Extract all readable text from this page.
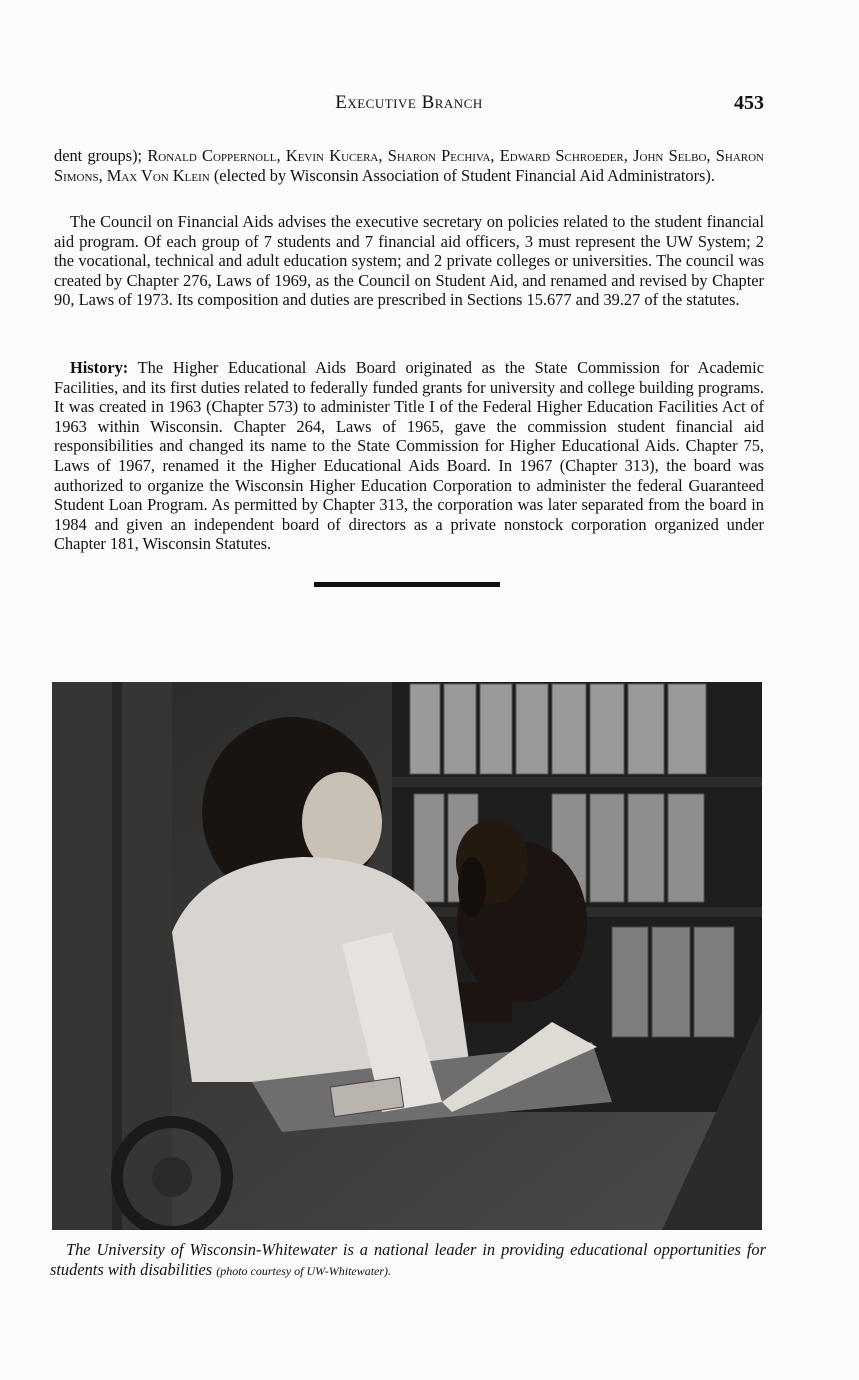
Executive Branch	453
dent groups); Ronald Coppernoll, Kevin Kucera, Sharon Pechiva, Edward Schroeder, John Selbo, Sharon Simons, Max Von Klein (elected by Wisconsin Association of Student Financial Aid Administrators).
The Council on Financial Aids advises the executive secretary on policies related to the student financial aid program. Of each group of 7 students and 7 financial aid officers, 3 must represent the UW System; 2 the vocational, technical and adult education system; and 2 private colleges or universities. The council was created by Chapter 276, Laws of 1969, as the Council on Student Aid, and renamed and revised by Chapter 90, Laws of 1973. Its composition and duties are prescribed in Sections 15.677 and 39.27 of the statutes.
History: The Higher Educational Aids Board originated as the State Commission for Academic Facilities, and its first duties related to federally funded grants for university and college building programs. It was created in 1963 (Chapter 573) to administer Title I of the Federal Higher Education Facilities Act of 1963 within Wisconsin. Chapter 264, Laws of 1965, gave the commission student financial aid responsibilities and changed its name to the State Commission for Higher Educational Aids. Chapter 75, Laws of 1967, renamed it the Higher Educational Aids Board. In 1967 (Chapter 313), the board was authorized to organize the Wisconsin Higher Education Corporation to administer the federal Guaranteed Student Loan Program. As permitted by Chapter 313, the corporation was later separated from the board in 1984 and given an independent board of directors as a private nonstock corporation organized under Chapter 181, Wisconsin Statutes.
The University of Wisconsin-Whitewater is a national leader in providing educational opportunities for students with disabilities (photo courtesy of UW-Whitewater).
